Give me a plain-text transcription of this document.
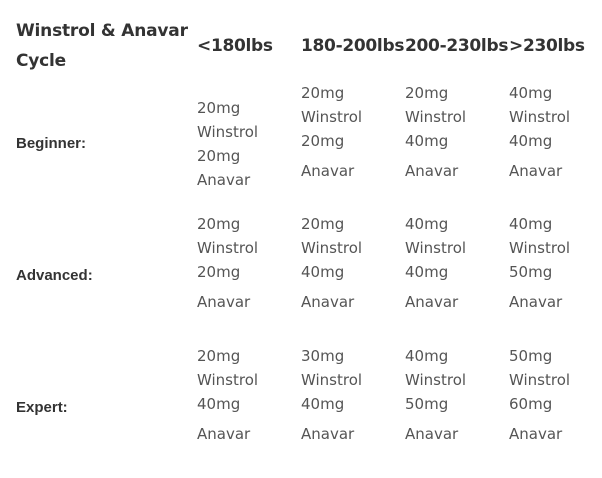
Winstrol & Anavar Cycle
<180lbs 180-200lbs 200-230lbs >230lbs
Beginner:
20mg
Winstrol
20mg
Anavar
20mg
Winstrol
20mg
Anavar
20mg
Winstrol
40mg
Anavar
40mg
Winstrol
40mg
Anavar
Advanced:
20mg
Winstrol
20mg
Anavar
20mg
Winstrol
40mg
Anavar
40mg
Winstrol
40mg
Anavar
40mg
Winstrol
50mg
Anavar
Expert:
20mg
Winstrol
40mg
Anavar
30mg
Winstrol
40mg
Anavar
40mg
Winstrol
50mg
Anavar
50mg
Winstrol
60mg
Anavar
